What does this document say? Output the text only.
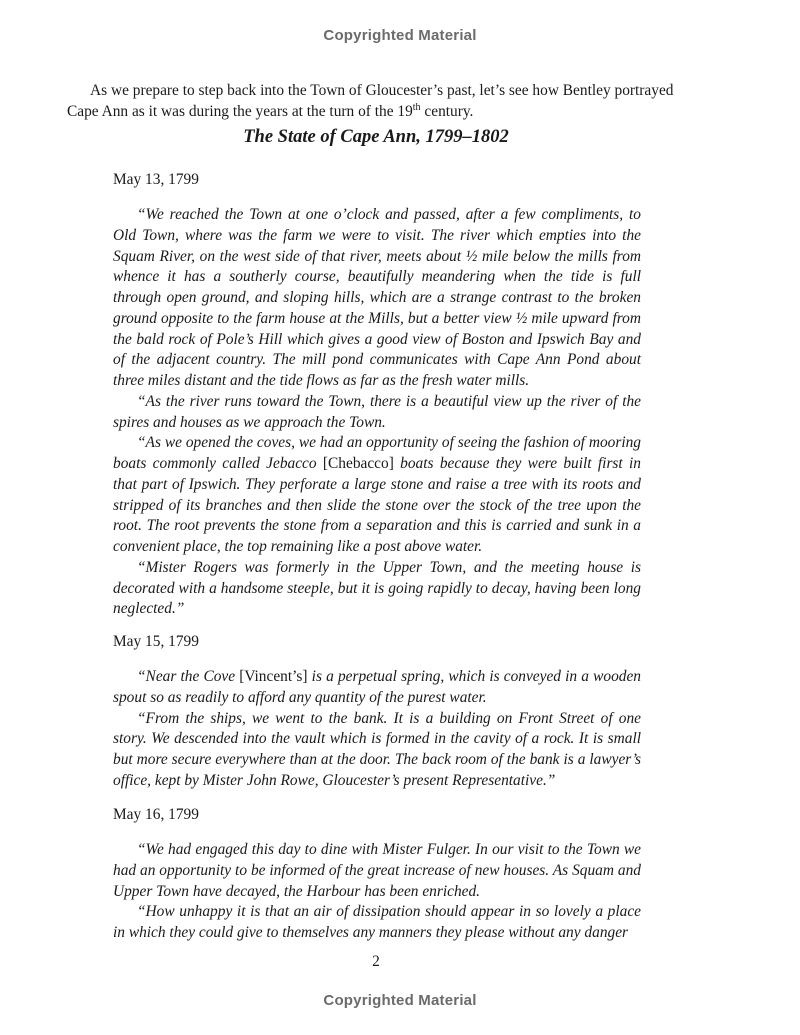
Copyrighted Material

As we prepare to step back into the Town of Gloucester’s past, let’s see how Bentley portrayed Cape Ann as it was during the years at the turn of the 19th century.

The State of Cape Ann, 1799–1802

May 13, 1799

“We reached the Town at one o’clock and passed, after a few compliments, to Old Town, where was the farm we were to visit. The river which empties into the Squam River, on the west side of that river, meets about ½ mile below the mills from whence it has a southerly course, beautifully meandering when the tide is full through open ground, and sloping hills, which are a strange contrast to the broken ground opposite to the farm house at the Mills, but a better view ½ mile upward from the bald rock of Pole’s Hill which gives a good view of Boston and Ipswich Bay and of the adjacent country. The mill pond communicates with Cape Ann Pond about three miles distant and the tide flows as far as the fresh water mills.

“As the river runs toward the Town, there is a beautiful view up the river of the spires and houses as we approach the Town.

“As we opened the coves, we had an opportunity of seeing the fashion of mooring boats commonly called Jebacco [Chebacco] boats because they were built first in that part of Ipswich. They perforate a large stone and raise a tree with its roots and stripped of its branches and then slide the stone over the stock of the tree upon the root. The root prevents the stone from a separation and this is carried and sunk in a convenient place, the top remaining like a post above water.

“Mister Rogers was formerly in the Upper Town, and the meeting house is decorated with a handsome steeple, but it is going rapidly to decay, having been long neglected.”

May 15, 1799

“Near the Cove [Vincent’s] is a perpetual spring, which is conveyed in a wooden spout so as readily to afford any quantity of the purest water.

“From the ships, we went to the bank. It is a building on Front Street of one story. We descended into the vault which is formed in the cavity of a rock. It is small but more secure everywhere than at the door. The back room of the bank is a lawyer’s office, kept by Mister John Rowe, Gloucester’s present Representative.”

May 16, 1799

“We had engaged this day to dine with Mister Fulger. In our visit to the Town we had an opportunity to be informed of the great increase of new houses. As Squam and Upper Town have decayed, the Harbour has been enriched.

“How unhappy it is that an air of dissipation should appear in so lovely a place in which they could give to themselves any manners they please without any danger

2
Copyrighted Material
